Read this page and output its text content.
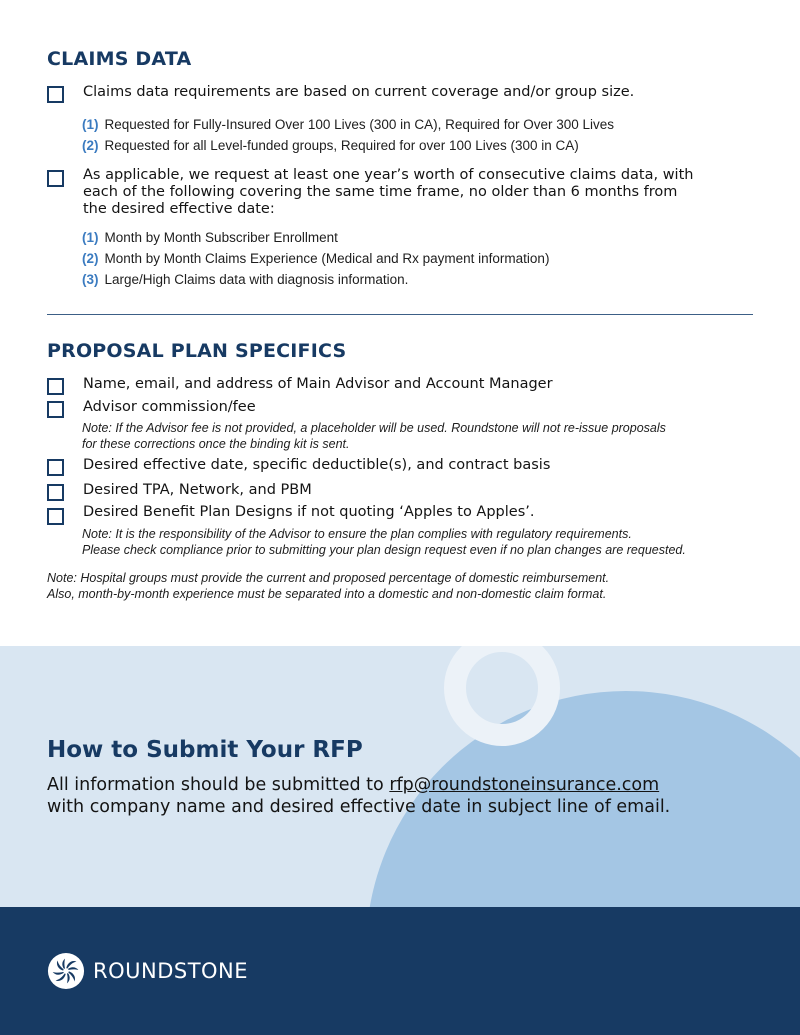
CLAIMS DATA
Claims data requirements are based on current coverage and/or group size.
(1) Requested for Fully-Insured Over 100 Lives (300 in CA), Required for Over 300 Lives
(2) Requested for all Level-funded groups, Required for over 100 Lives (300 in CA)
As applicable, we request at least one year’s worth of consecutive claims data, with
each of the following covering the same time frame, no older than 6 months from
the desired effective date:
(1) Month by Month Subscriber Enrollment
(2) Month by Month Claims Experience (Medical and Rx payment information)
(3) Large/High Claims data with diagnosis information.
PROPOSAL PLAN SPECIFICS
Name, email, and address of Main Advisor and Account Manager
Advisor commission/fee
Note: If the Advisor fee is not provided, a placeholder will be used. Roundstone will not re-issue proposals
for these corrections once the binding kit is sent.
Desired effective date, specific deductible(s), and contract basis
Desired TPA, Network, and PBM
Desired Benefit Plan Designs if not quoting ‘Apples to Apples’.
Note: It is the responsibility of the Advisor to ensure the plan complies with regulatory requirements.
Please check compliance prior to submitting your plan design request even if no plan changes are requested.
Note: Hospital groups must provide the current and proposed percentage of domestic reimbursement.
Also, month-by-month experience must be separated into a domestic and non-domestic claim format.
How to Submit Your RFP
All information should be submitted to rfp@roundstoneinsurance.com
with company name and desired effective date in subject line of email.
ROUNDSTONE
